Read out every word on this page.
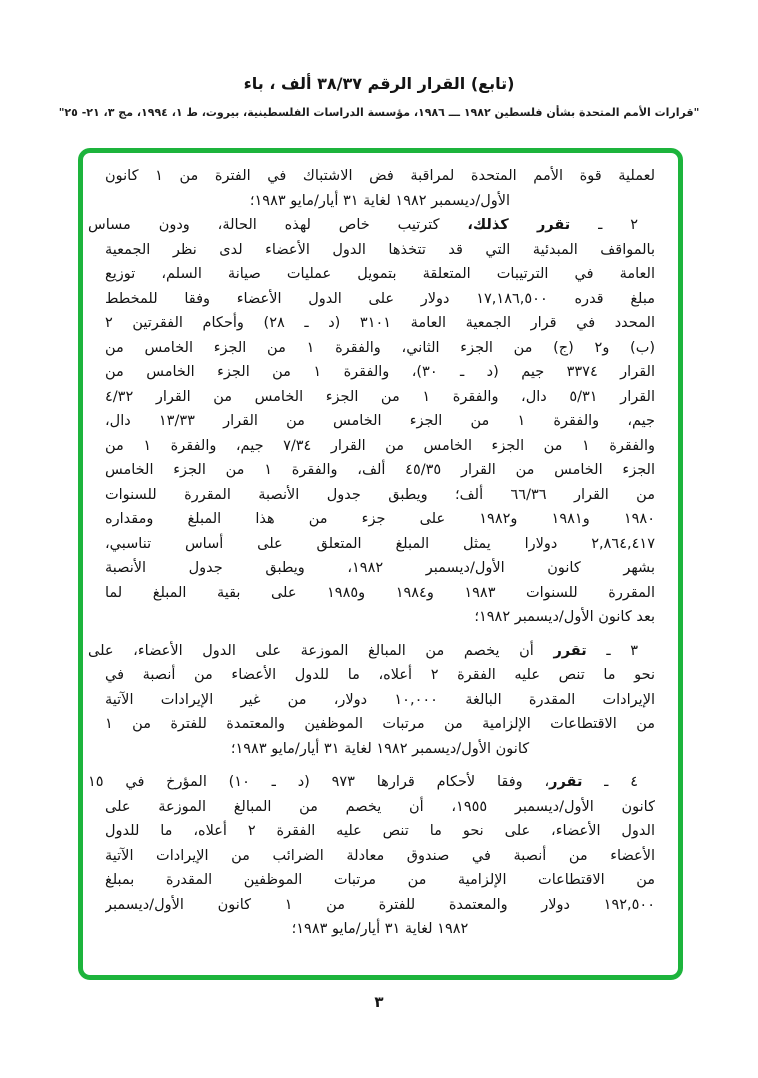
(تابع) القرار الرقم ٣٨/٣٧ ألف ، باء
"قرارات الأمم المتحدة بشأن فلسطين ١٩٨٢ ـــ ١٩٨٦، مؤسسة الدراسات الفلسطينية، بيروت، ط ١، ١٩٩٤، مج ٣، ٢١- ٢٥"
لعملية قوة الأمم المتحدة لمراقبة فض الاشتباك في الفترة من ١ كانون
الأول/ديسمبر ١٩٨٢ لغاية ٣١ أيار/مايو ١٩٨٣؛
٢ ـ تقرر كذلك، كترتيب خاص لهذه الحالة، ودون مساس
بالمواقف المبدئية التي قد تتخذها الدول الأعضاء لدى نظر الجمعية
العامة في الترتيبات المتعلقة بتمويل عمليات صيانة السلم، توزيع
مبلغ قدره ١٧,١٨٦,٥٠٠ دولار على الدول الأعضاء وفقا للمخطط
المحدد في قرار الجمعية العامة ٣١٠١ (د ـ ٢٨) وأحكام الفقرتين ٢
(ب) و٢ (ج) من الجزء الثاني، والفقرة ١ من الجزء الخامس من
القرار ٣٣٧٤ جيم (د ـ ٣٠)، والفقرة ١ من الجزء الخامس من
القرار ٥/٣١ دال، والفقرة ١ من الجزء الخامس من القرار ٤/٣٢
جيم، والفقرة ١ من الجزء الخامس من القرار ١٣/٣٣ دال،
والفقرة ١ من الجزء الخامس من القرار ٧/٣٤ جيم، والفقرة ١ من
الجزء الخامس من القرار ٤٥/٣٥ ألف، والفقرة ١ من الجزء الخامس
من القرار ٦٦/٣٦ ألف؛ ويطبق جدول الأنصبة المقررة للسنوات
١٩٨٠ و١٩٨١ و١٩٨٢ على جزء من هذا المبلغ ومقداره
٢,٨٦٤,٤١٧ دولارا يمثل المبلغ المتعلق على أساس تناسبي،
بشهر كانون الأول/ديسمبر ١٩٨٢، ويطبق جدول الأنصبة
المقررة للسنوات ١٩٨٣ و١٩٨٤ و١٩٨٥ على بقية المبلغ لما
بعد كانون الأول/ديسمبر ١٩٨٢؛
٣ ـ تقرر أن يخصم من المبالغ الموزعة على الدول الأعضاء، على
نحو ما تنص عليه الفقرة ٢ أعلاه، ما للدول الأعضاء من أنصبة في
الإيرادات المقدرة البالغة ١٠,٠٠٠ دولار، من غير الإيرادات الآتية
من الاقتطاعات الإلزامية من مرتبات الموظفين والمعتمدة للفترة من ١
كانون الأول/ديسمبر ١٩٨٢ لغاية ٣١ أيار/مايو ١٩٨٣؛
٤ ـ تقرر، وفقا لأحكام قرارها ٩٧٣ (د ـ ١٠) المؤرخ في ١٥
كانون الأول/ديسمبر ١٩٥٥، أن يخصم من المبالغ الموزعة على
الدول الأعضاء، على نحو ما تنص عليه الفقرة ٢ أعلاه، ما للدول
الأعضاء من أنصبة في صندوق معادلة الضرائب من الإيرادات الآتية
من الاقتطاعات الإلزامية من مرتبات الموظفين المقدرة بمبلغ
١٩٢,٥٠٠ دولار والمعتمدة للفترة من ١ كانون الأول/ديسمبر
١٩٨٢ لغاية ٣١ أيار/مايو ١٩٨٣؛
٣
